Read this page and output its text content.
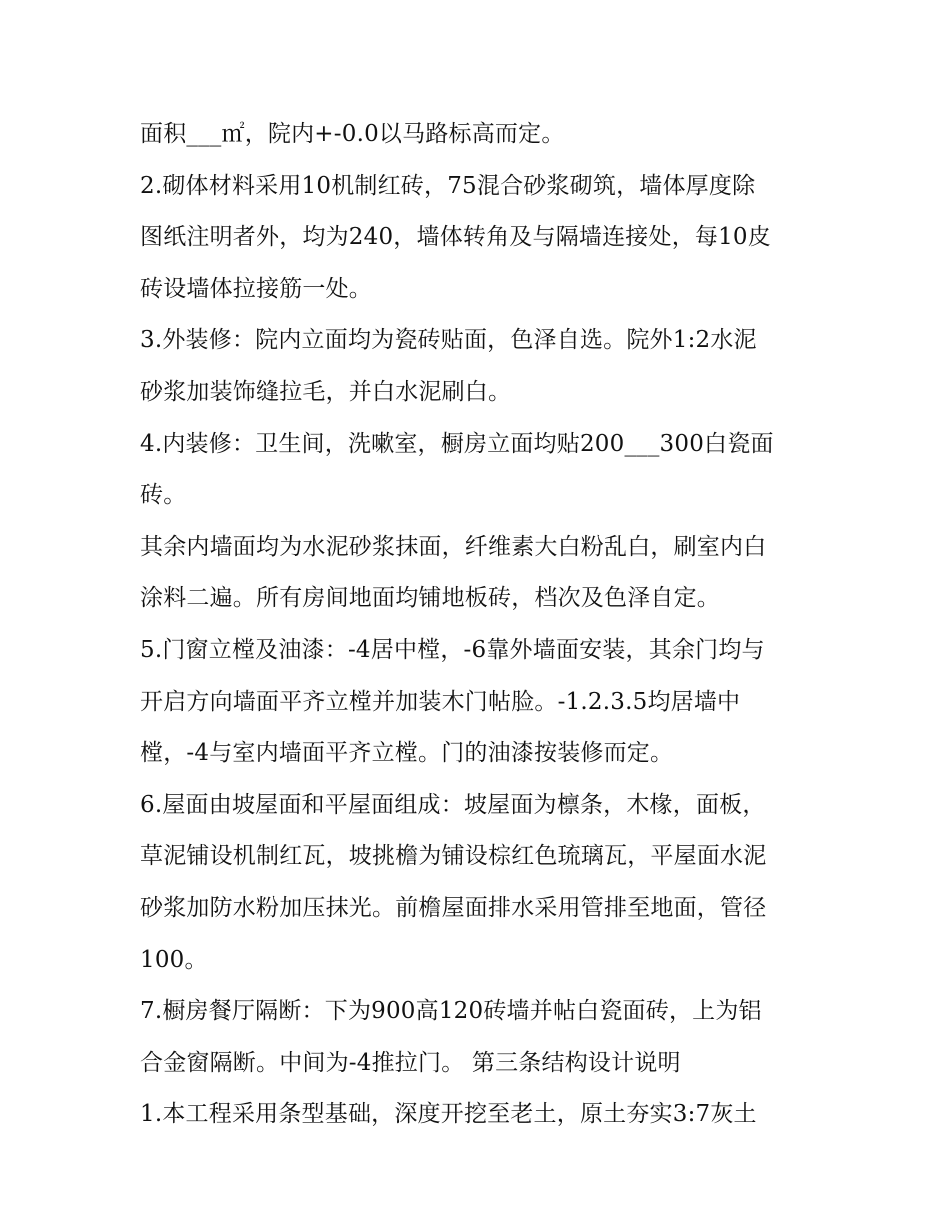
面积___㎡，院内+-0.0以马路标高而定。
2.砌体材料采用10机制红砖，75混合砂浆砌筑，墙体厚度除
图纸注明者外，均为240，墙体转角及与隔墙连接处，每10皮
砖设墙体拉接筋一处。
3.外装修：院内立面均为瓷砖贴面，色泽自选。院外1:2水泥
砂浆加装饰缝拉毛，并白水泥刷白。
4.内装修：卫生间，洗嗽室，橱房立面均贴200___300白瓷面
砖。
其余内墙面均为水泥砂浆抹面，纤维素大白粉乱白，刷室内白
涂料二遍。所有房间地面均铺地板砖，档次及色泽自定。
5.门窗立樘及油漆：-4居中樘，-6靠外墙面安装，其余门均与
开启方向墙面平齐立樘并加装木门帖脸。-1.2.3.5均居墙中
樘，-4与室内墙面平齐立樘。门的油漆按装修而定。
6.屋面由坡屋面和平屋面组成：坡屋面为檩条，木椽，面板，
草泥铺设机制红瓦，坡挑檐为铺设棕红色琉璃瓦，平屋面水泥
砂浆加防水粉加压抹光。前檐屋面排水采用管排至地面，管径
100。
7.橱房餐厅隔断：下为900高120砖墙并帖白瓷面砖，上为铝
合金窗隔断。中间为-4推拉门。 第三条结构设计说明
1.本工程采用条型基础，深度开挖至老土，原土夯实3:7灰土
